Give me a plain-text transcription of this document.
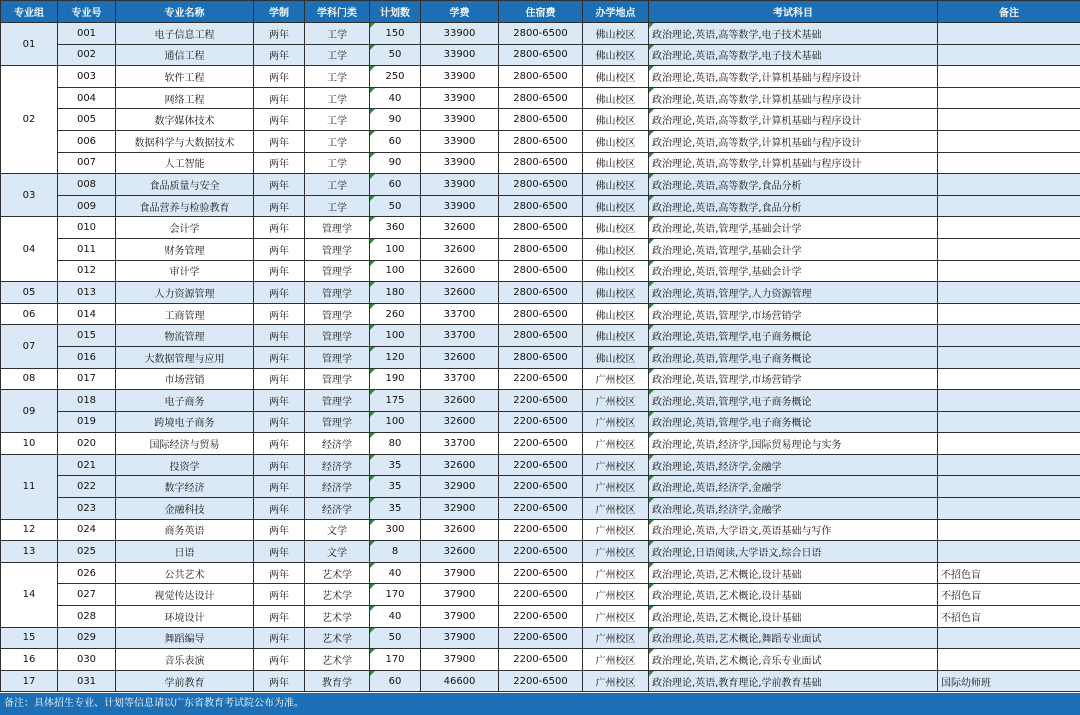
专业组	专业号	专业名称	学制	学科门类	计划数	学费	住宿费	办学地点	考试科目	备注
01	001	电子信息工程	两年	工学	150	33900	2800-6500	佛山校区	政治理论,英语,高等数学,电子技术基础	
	002	通信工程	两年	工学	50	33900	2800-6500	佛山校区	政治理论,英语,高等数学,电子技术基础	
02	003	软件工程	两年	工学	250	33900	2800-6500	佛山校区	政治理论,英语,高等数学,计算机基础与程序设计	
	004	网络工程	两年	工学	40	33900	2800-6500	佛山校区	政治理论,英语,高等数学,计算机基础与程序设计	
	005	数字媒体技术	两年	工学	90	33900	2800-6500	佛山校区	政治理论,英语,高等数学,计算机基础与程序设计	
	006	数据科学与大数据技术	两年	工学	60	33900	2800-6500	佛山校区	政治理论,英语,高等数学,计算机基础与程序设计	
	007	人工智能	两年	工学	90	33900	2800-6500	佛山校区	政治理论,英语,高等数学,计算机基础与程序设计	
03	008	食品质量与安全	两年	工学	60	33900	2800-6500	佛山校区	政治理论,英语,高等数学,食品分析	
	009	食品营养与检验教育	两年	工学	50	33900	2800-6500	佛山校区	政治理论,英语,高等数学,食品分析	
04	010	会计学	两年	管理学	360	32600	2800-6500	佛山校区	政治理论,英语,管理学,基础会计学	
	011	财务管理	两年	管理学	100	32600	2800-6500	佛山校区	政治理论,英语,管理学,基础会计学	
	012	审计学	两年	管理学	100	32600	2800-6500	佛山校区	政治理论,英语,管理学,基础会计学	
05	013	人力资源管理	两年	管理学	180	32600	2800-6500	佛山校区	政治理论,英语,管理学,人力资源管理	
06	014	工商管理	两年	管理学	260	33700	2800-6500	佛山校区	政治理论,英语,管理学,市场营销学	
07	015	物流管理	两年	管理学	100	33700	2800-6500	佛山校区	政治理论,英语,管理学,电子商务概论	
	016	大数据管理与应用	两年	管理学	120	32600	2800-6500	佛山校区	政治理论,英语,管理学,电子商务概论	
08	017	市场营销	两年	管理学	190	33700	2200-6500	广州校区	政治理论,英语,管理学,市场营销学	
09	018	电子商务	两年	管理学	175	32600	2200-6500	广州校区	政治理论,英语,管理学,电子商务概论	
	019	跨境电子商务	两年	管理学	100	32600	2200-6500	广州校区	政治理论,英语,管理学,电子商务概论	
10	020	国际经济与贸易	两年	经济学	80	33700	2200-6500	广州校区	政治理论,英语,经济学,国际贸易理论与实务	
11	021	投资学	两年	经济学	35	32600	2200-6500	广州校区	政治理论,英语,经济学,金融学	
	022	数字经济	两年	经济学	35	32900	2200-6500	广州校区	政治理论,英语,经济学,金融学	
	023	金融科技	两年	经济学	35	32900	2200-6500	广州校区	政治理论,英语,经济学,金融学	
12	024	商务英语	两年	文学	300	32600	2200-6500	广州校区	政治理论,英语,大学语文,英语基础与写作	
13	025	日语	两年	文学	8	32600	2200-6500	广州校区	政治理论,日语阅读,大学语文,综合日语	
14	026	公共艺术	两年	艺术学	40	37900	2200-6500	广州校区	政治理论,英语,艺术概论,设计基础	不招色盲
	027	视觉传达设计	两年	艺术学	170	37900	2200-6500	广州校区	政治理论,英语,艺术概论,设计基础	不招色盲
	028	环境设计	两年	艺术学	40	37900	2200-6500	广州校区	政治理论,英语,艺术概论,设计基础	不招色盲
15	029	舞蹈编导	两年	艺术学	50	37900	2200-6500	广州校区	政治理论,英语,艺术概论,舞蹈专业面试	
16	030	音乐表演	两年	艺术学	170	37900	2200-6500	广州校区	政治理论,英语,艺术概论,音乐专业面试	
17	031	学前教育	两年	教育学	60	46600	2200-6500	广州校区	政治理论,英语,教育理论,学前教育基础	国际幼师班
备注：具体招生专业、计划等信息请以广东省教育考试院公布为准。
